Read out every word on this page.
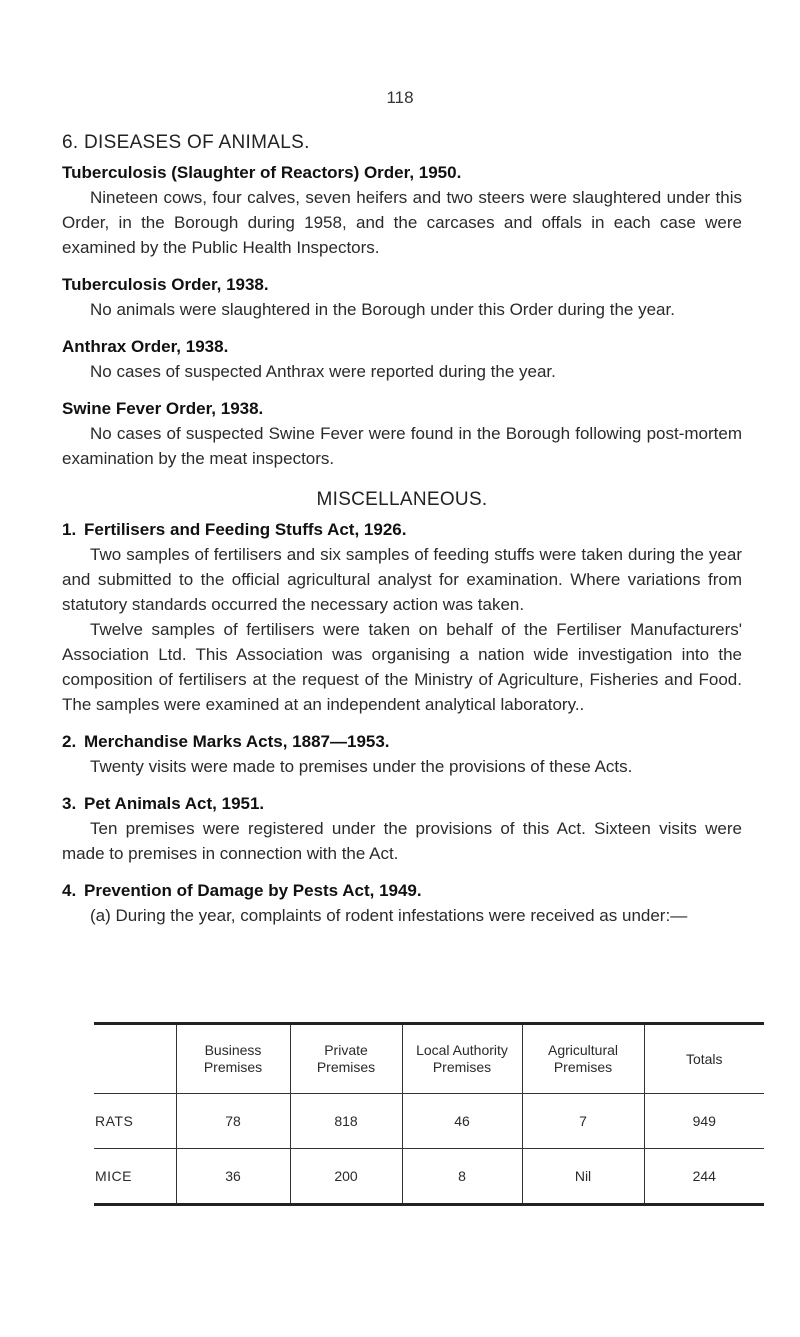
118
6. DISEASES OF ANIMALS.

Tuberculosis (Slaughter of Reactors) Order, 1950.

Nineteen cows, four calves, seven heifers and two steers were slaughtered under this Order, in the Borough during 1958, and the carcases and offals in each case were examined by the Public Health Inspectors.

Tuberculosis Order, 1938.

No animals were slaughtered in the Borough under this Order during the year.

Anthrax Order, 1938.

No cases of suspected Anthrax were reported during the year.

Swine Fever Order, 1938.

No cases of suspected Swine Fever were found in the Borough following post-mortem examination by the meat inspectors.

MISCELLANEOUS.

1. Fertilisers and Feeding Stuffs Act, 1926.

Two samples of fertilisers and six samples of feeding stuffs were taken during the year and submitted to the official agricultural analyst for examination. Where variations from statutory standards occurred the necessary action was taken.

Twelve samples of fertilisers were taken on behalf of the Fertiliser Manufacturers' Association Ltd. This Association was organising a nation wide investigation into the composition of fertilisers at the request of the Ministry of Agriculture, Fisheries and Food. The samples were examined at an independent analytical laboratory..

2. Merchandise Marks Acts, 1887—1953.

Twenty visits were made to premises under the provisions of these Acts.

3. Pet Animals Act, 1951.

Ten premises were registered under the provisions of this Act. Sixteen visits were made to premises in connection with the Act.

4. Prevention of Damage by Pests Act, 1949.

(a) During the year, complaints of rodent infestations were received as under:—

	Business Premises	Private Premises	Local Authority Premises	Agricultural Premises	Totals
RATS	78	818	46	7	949
MICE	36	200	8	Nil	244
